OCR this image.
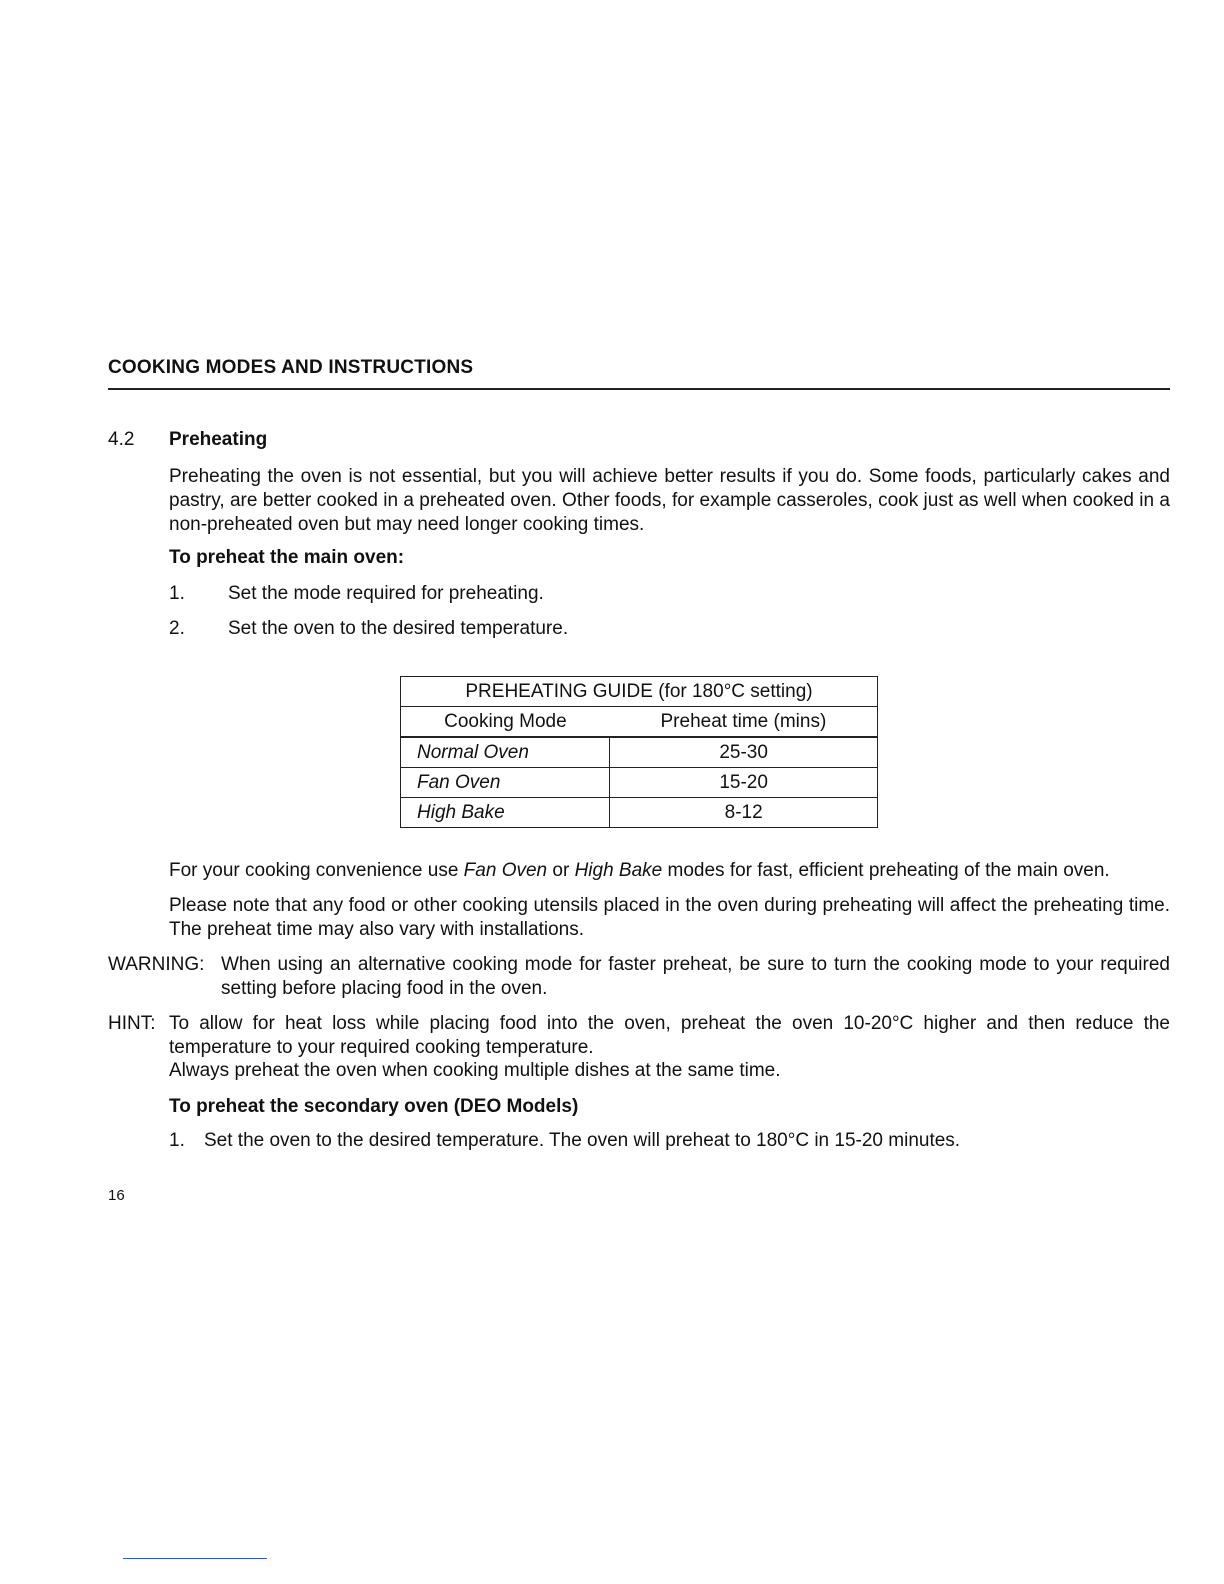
COOKING MODES AND INSTRUCTIONS
4.2 Preheating
Preheating the oven is not essential, but you will achieve better results if you do. Some foods, particularly cakes and pastry, are better cooked in a preheated oven. Other foods, for example casseroles, cook just as well when cooked in a non-preheated oven but may need longer cooking times.
To preheat the main oven:
1. Set the mode required for preheating.
2. Set the oven to the desired temperature.
PREHEATING GUIDE (for 180°C setting)	
Cooking Mode	Preheat time (mins)
Normal Oven	25-30
Fan Oven	15-20
High Bake	8-12
For your cooking convenience use Fan Oven or High Bake modes for fast, efficient preheating of the main oven.
Please note that any food or other cooking utensils placed in the oven during preheating will affect the preheating time. The preheat time may also vary with installations.
WARNING: When using an alternative cooking mode for faster preheat, be sure to turn the cooking mode to your required setting before placing food in the oven.
HINT: To allow for heat loss while placing food into the oven, preheat the oven 10-20°C higher and then reduce the temperature to your required cooking temperature.
Always preheat the oven when cooking multiple dishes at the same time.
To preheat the secondary oven (DEO Models)
1. Set the oven to the desired temperature. The oven will preheat to 180°C in 15-20 minutes.
16
